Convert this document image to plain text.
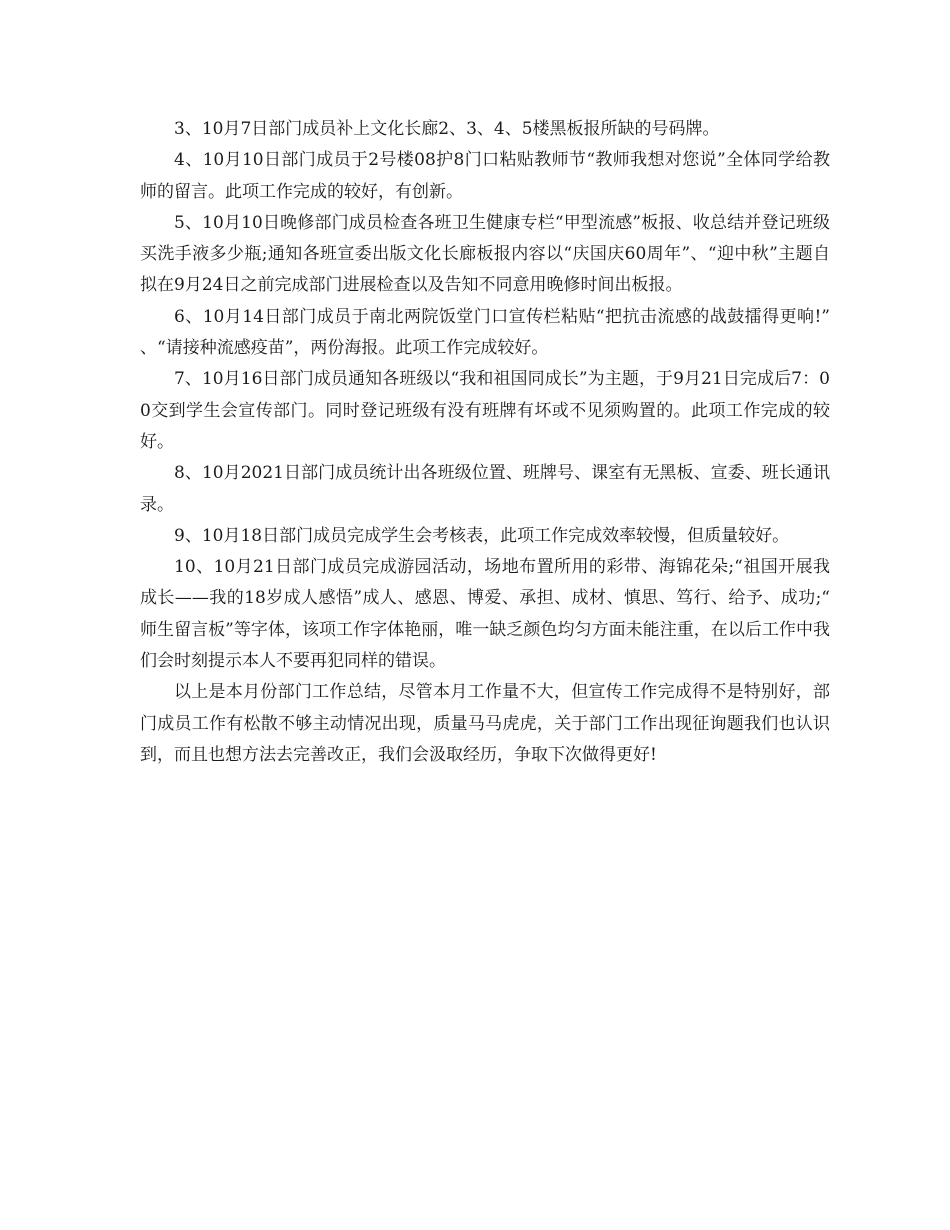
3、10月7日部门成员补上文化长廊2、3、4、5楼黑板报所缺的号码牌。

4、10月10日部门成员于2号楼08护8门口粘贴教师节“教师我想对您说”全体同学给教师的留言。此项工作完成的较好，有创新。

5、10月10日晚修部门成员检查各班卫生健康专栏“甲型流感”板报、收总结并登记班级买洗手液多少瓶;通知各班宣委出版文化长廊板报内容以“庆国庆60周年”、“迎中秋”主题自拟在9月24日之前完成部门进展检查以及告知不同意用晚修时间出板报。

6、10月14日部门成员于南北两院饭堂门口宣传栏粘贴“把抗击流感的战鼓擂得更响!”、“请接种流感疫苗”，两份海报。此项工作完成较好。

7、10月16日部门成员通知各班级以“我和祖国同成长”为主题，于9月21日完成后7：00交到学生会宣传部门。同时登记班级有没有班牌有坏或不见须购置的。此项工作完成的较好。

8、10月2021日部门成员统计出各班级位置、班牌号、课室有无黑板、宣委、班长通讯录。

9、10月18日部门成员完成学生会考核表，此项工作完成效率较慢，但质量较好。

10、10月21日部门成员完成游园活动，场地布置所用的彩带、海锦花朵;“祖国开展我成长——我的18岁成人感悟”成人、感恩、博爱、承担、成材、慎思、笃行、给予、成功;“师生留言板”等字体，该项工作字体艳丽，唯一缺乏颜色均匀方面未能注重，在以后工作中我们会时刻提示本人不要再犯同样的错误。

以上是本月份部门工作总结，尽管本月工作量不大，但宣传工作完成得不是特别好，部门成员工作有松散不够主动情况出现，质量马马虎虎，关于部门工作出现征询题我们也认识到，而且也想方法去完善改正，我们会汲取经历，争取下次做得更好!
